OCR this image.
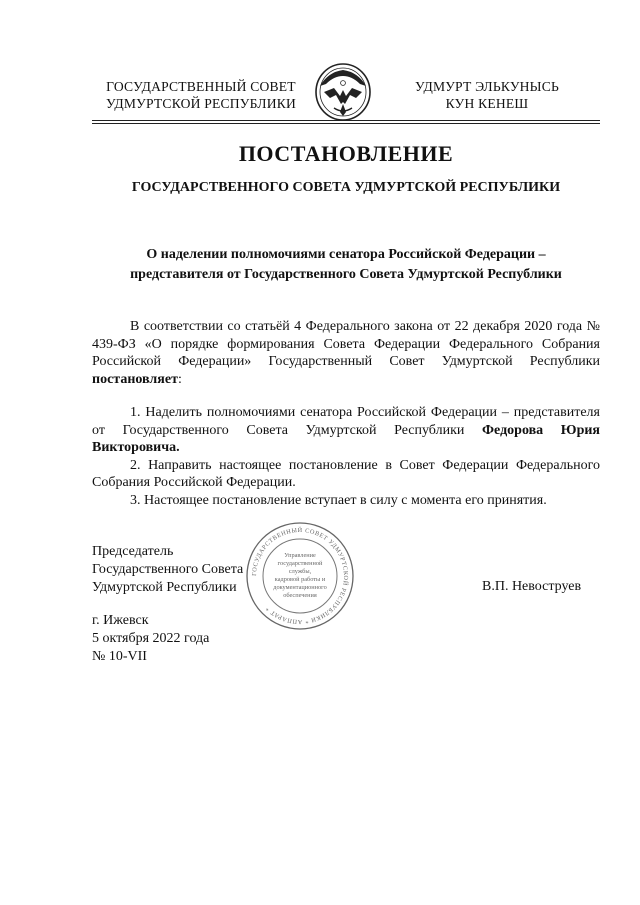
ГОСУДАРСТВЕННЫЙ СОВЕТ
УДМУРТСКОЙ РЕСПУБЛИКИ
УДМУРТ ЭЛЬКУНЫСЬ
КУН КЕНЕШ
ПОСТАНОВЛЕНИЕ
ГОСУДАРСТВЕННОГО СОВЕТА УДМУРТСКОЙ РЕСПУБЛИКИ
О наделении полномочиями сенатора Российской Федерации –
представителя от Государственного Совета Удмуртской Республики

В соответствии со статьёй 4 Федерального закона от 22 декабря 2020 года № 439-ФЗ «О порядке формирования Совета Федерации Федерального Собрания Российской Федерации» Государственный Совет Удмуртской Республики постановляет:

1. Наделить полномочиями сенатора Российской Федерации – представителя от Государственного Совета Удмуртской Республики Федорова Юрия Викторовича.

2. Направить настоящее постановление в Совет Федерации Федерального Собрания Российской Федерации.

3. Настоящее постановление вступает в силу с момента его принятия.

Председатель
Государственного Совета
Удмуртской Республики	В.П. Невоструев
ГОСУДАРСТВЕННЫЙ СОВЕТ УДМУРТСКОЙ РЕСПУБЛИКИ * АППАРАТ *
Управление
государственной
службы,
кадровой работы и
документационного
обеспечения
г. Ижевск
5 октября 2022 года
№ 10-VII
